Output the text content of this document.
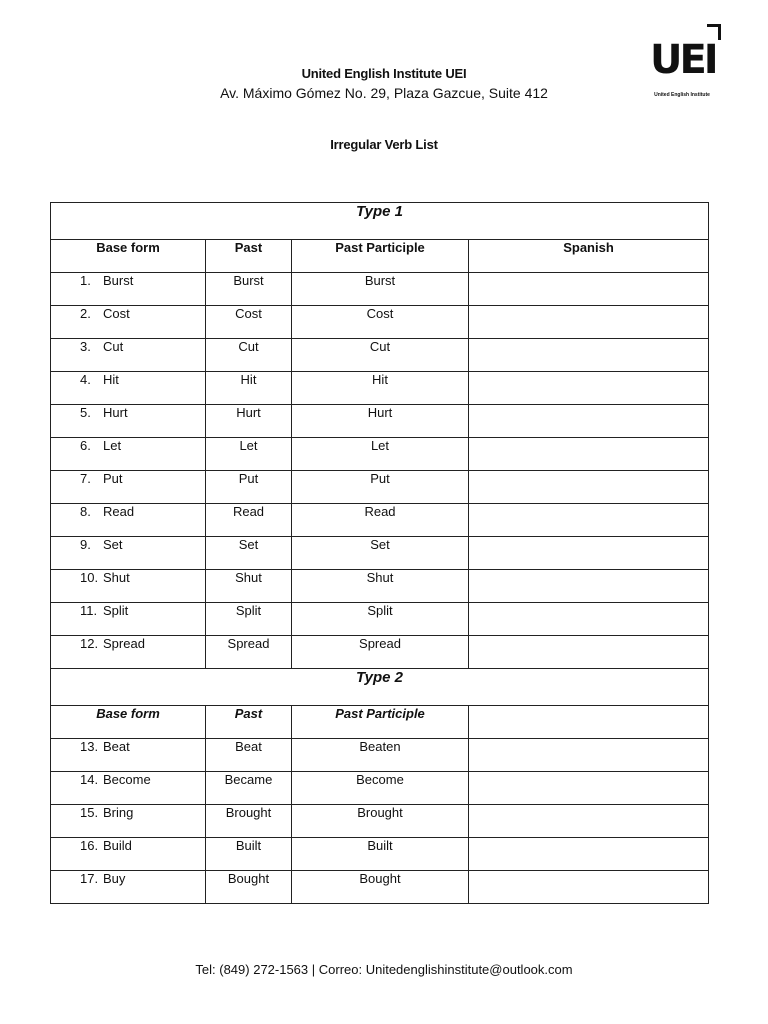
United English Institute UEI
Av. Máximo Gómez No. 29, Plaza Gazcue, Suite 412
UEI
United English Institute
Irregular Verb List
Type 1			
Base form	Past	Past Participle	Spanish
1. Burst	Burst	Burst	
2. Cost	Cost	Cost	
3. Cut	Cut	Cut	
4. Hit	Hit	Hit	
5. Hurt	Hurt	Hurt	
6. Let	Let	Let	
7. Put	Put	Put	
8. Read	Read	Read	
9. Set	Set	Set	
10. Shut	Shut	Shut	
11. Split	Split	Split	
12. Spread	Spread	Spread	
Type 2			
Base form	Past	Past Participle	
13. Beat	Beat	Beaten	
14. Become	Became	Become	
15. Bring	Brought	Brought	
16. Build	Built	Built	
17. Buy	Bought	Bought	
Tel: (849) 272-1563 | Correo: Unitedenglishinstitute@outlook.com
